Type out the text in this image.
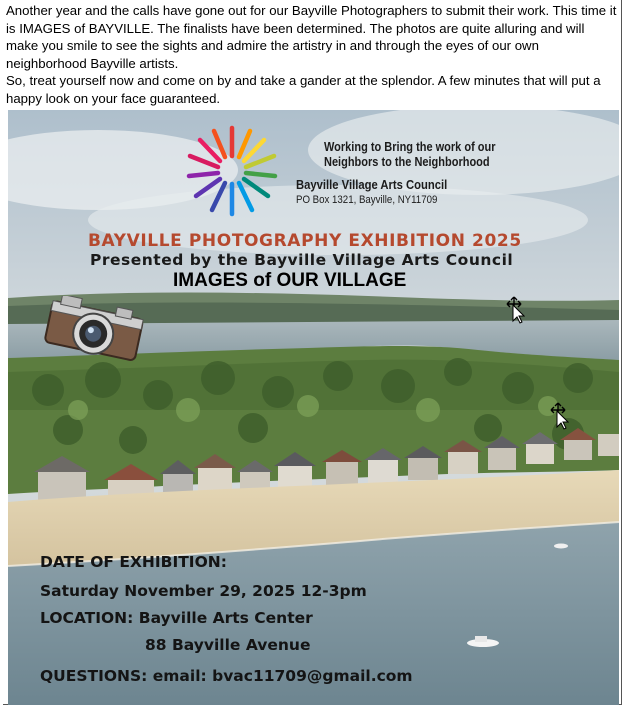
Another year and the calls have gone out for our Bayville Photographers to submit their work. This time it is IMAGES of BAYVILLE. The finalists have been determined. The photos are quite alluring and will make you smile to see the sights and admire the artistry in and through the eyes of our own neighborhood Bayville artists.

So, treat yourself now and come on by and take a gander at the splendor. A few minutes that will put a happy look on your face guaranteed.

Working to Bring the work of our Neighbors to the Neighborhood
Bayville Village Arts Council
PO Box 1321, Bayville, NY11709
BAYVILLE PHOTOGRAPHY EXHIBITION 2025
Presented by the Bayville Village Arts Council
IMAGES of OUR VILLAGE
DATE OF EXHIBITION:
Saturday November 29, 2025 12-3pm
LOCATION: Bayville Arts Center
88 Bayville Avenue
QUESTIONS: email: bvac11709@gmail.com
